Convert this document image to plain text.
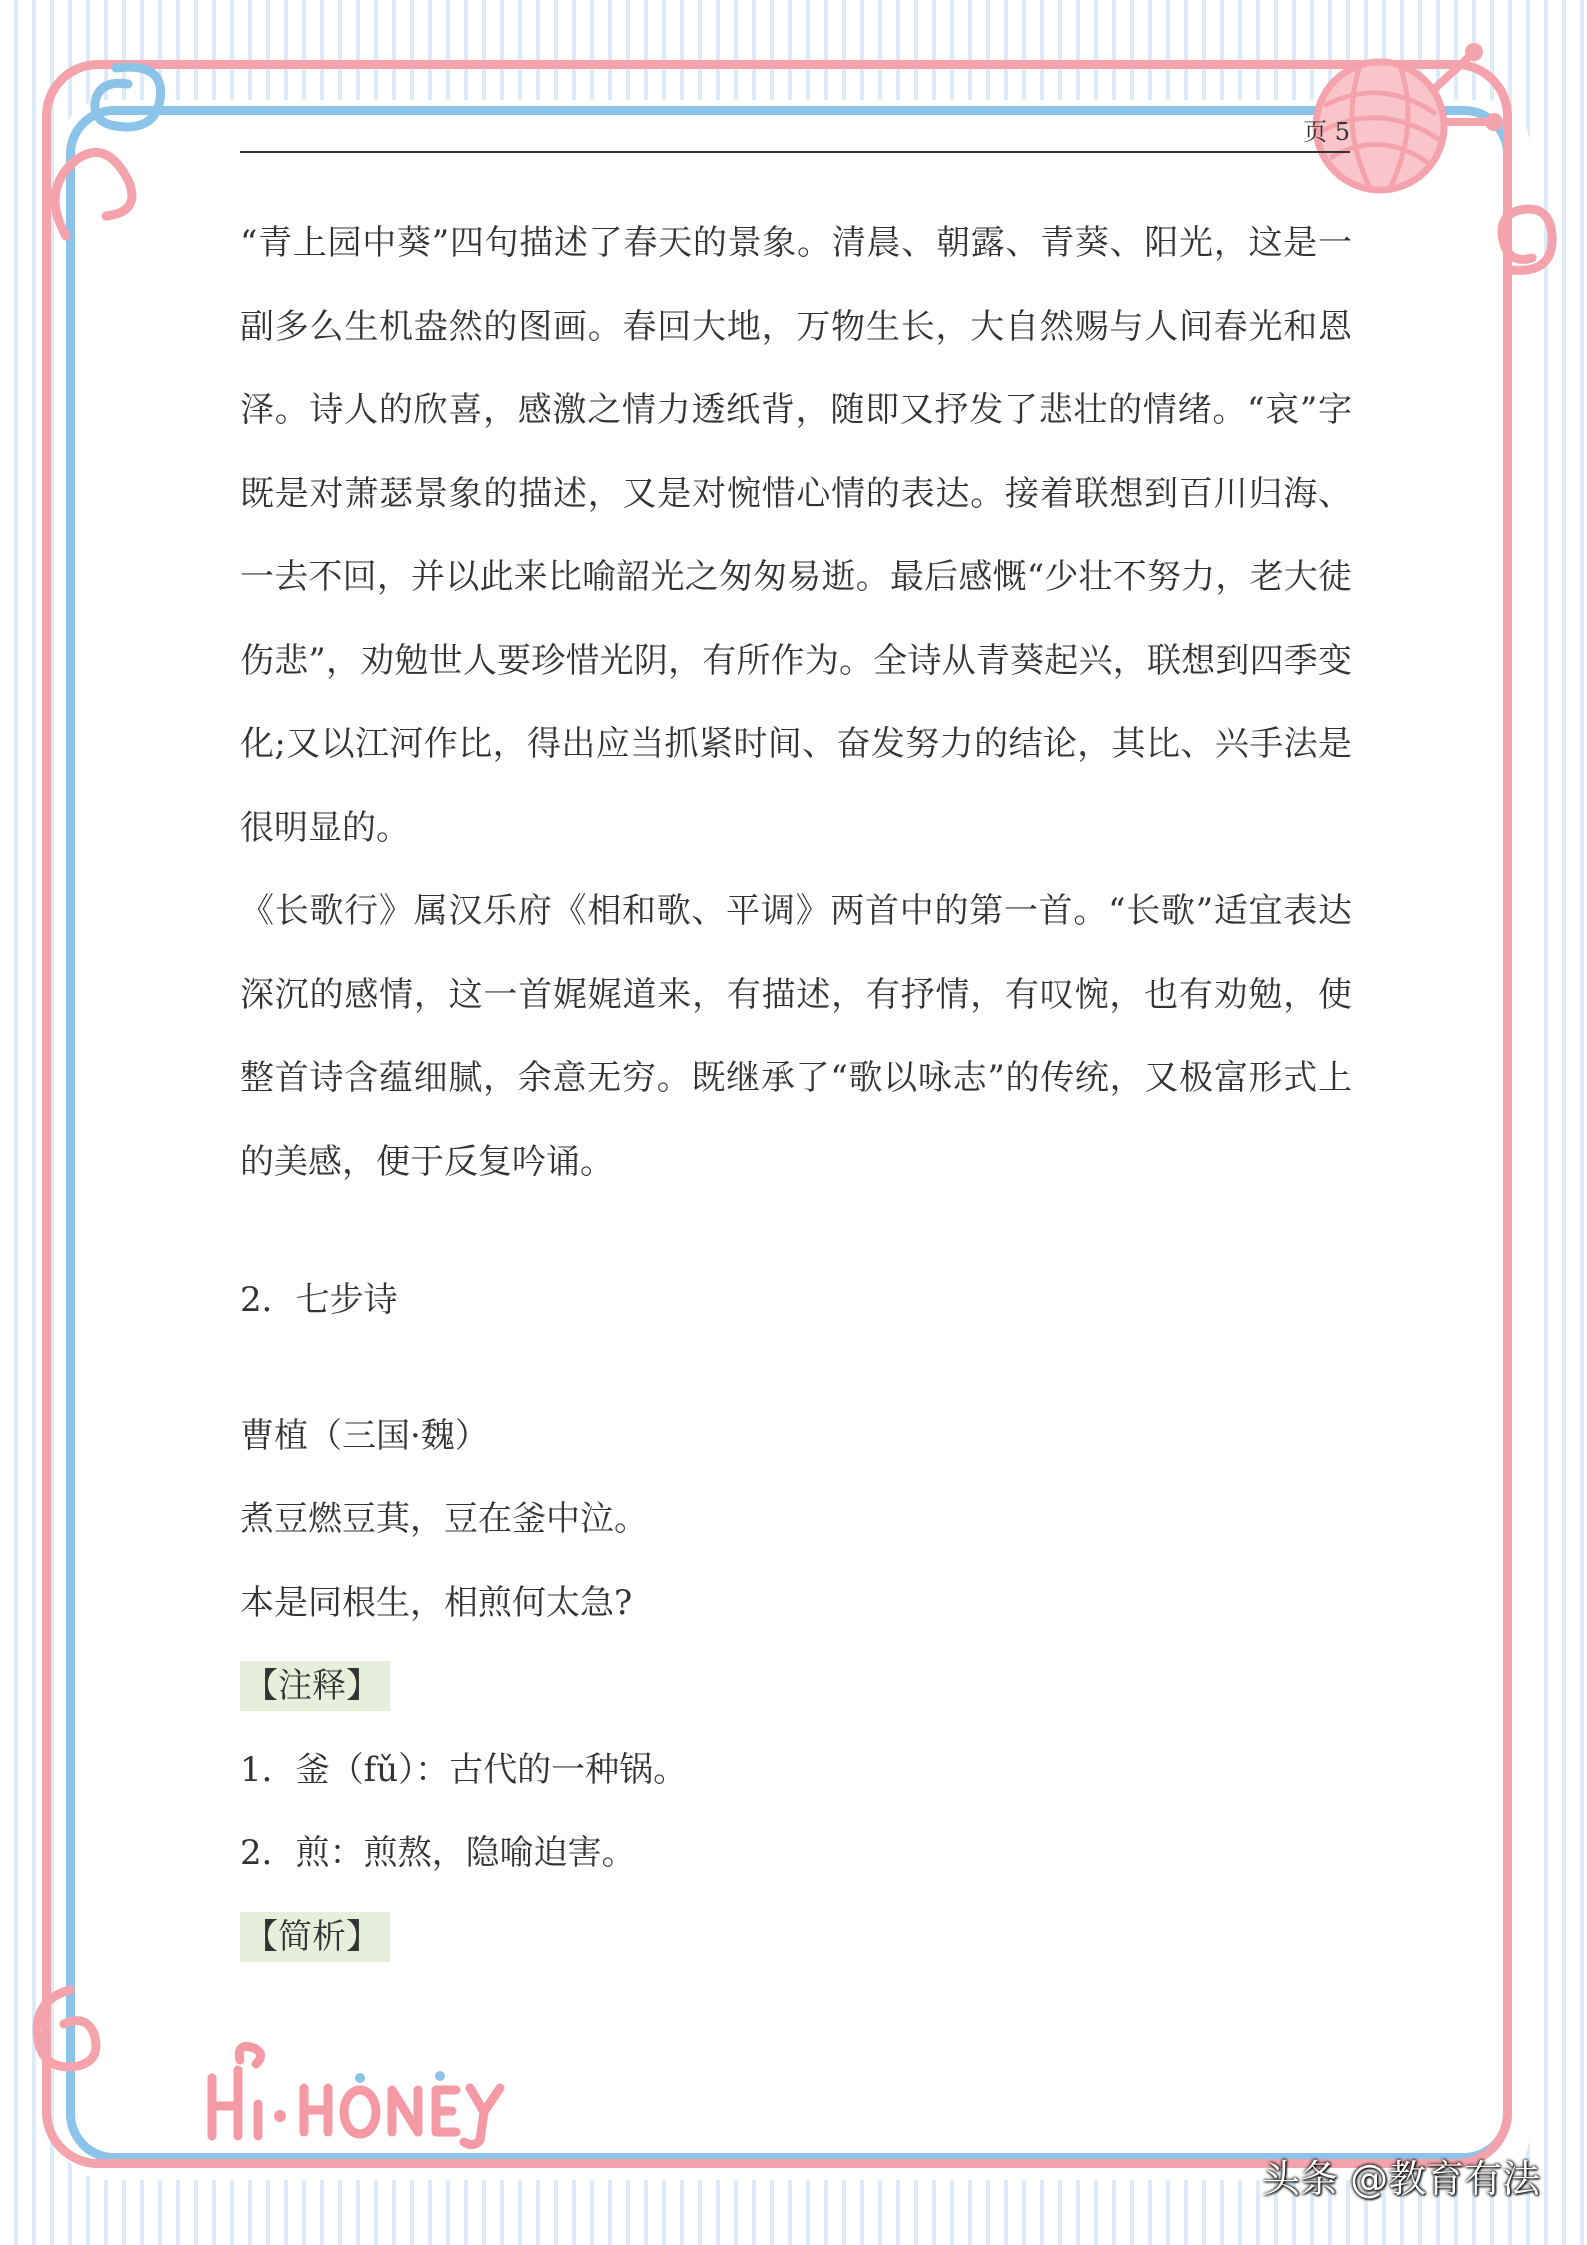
页 5

“青上园中葵”四句描述了春天的景象。清晨、朝露、青葵、阳光，这是一副多么生机盎然的图画。春回大地，万物生长，大自然赐与人间春光和恩泽。诗人的欣喜，感激之情力透纸背，随即又抒发了悲壮的情绪。“哀”字既是对萧瑟景象的描述，又是对惋惜心情的表达。接着联想到百川归海、一去不回，并以此来比喻韶光之匆匆易逝。最后感慨“少壮不努力，老大徒伤悲”，劝勉世人要珍惜光阴，有所作为。全诗从青葵起兴，联想到四季变化;又以江河作比，得出应当抓紧时间、奋发努力的结论，其比、兴手法是很明显的。

《长歌行》属汉乐府《相和歌、平调》两首中的第一首。“长歌”适宜表达深沉的感情，这一首娓娓道来，有描述，有抒情，有叹惋，也有劝勉，使整首诗含蕴细腻，余意无穷。既继承了“歌以咏志”的传统，又极富形式上的美感，便于反复吟诵。

2．七步诗

曹植（三国·魏）

煮豆燃豆萁，豆在釜中泣。

本是同根生，相煎何太急?

【注释】

1．釜（fǔ）：古代的一种锅。

2．煎：煎熬，隐喻迫害。

【简析】

头条 @教育有法
